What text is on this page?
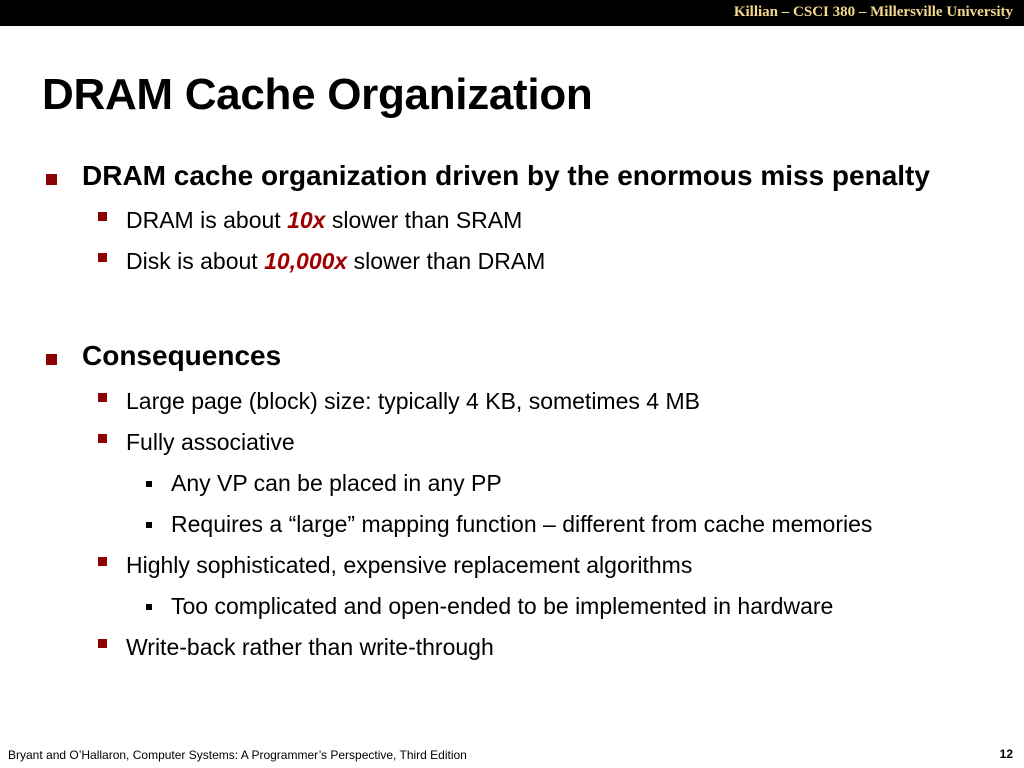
Killian – CSCI 380 – Millersville University
DRAM Cache Organization
DRAM cache organization driven by the enormous miss penalty
DRAM is about 10x slower than SRAM
Disk is about 10,000x slower than DRAM
Consequences
Large page (block) size: typically 4 KB, sometimes 4 MB
Fully associative
Any VP can be placed in any PP
Requires a “large” mapping function – different from cache memories
Highly sophisticated, expensive replacement algorithms
Too complicated and open-ended to be implemented in hardware
Write-back rather than write-through
Bryant and O’Hallaron, Computer Systems: A Programmer’s Perspective, Third Edition	12
